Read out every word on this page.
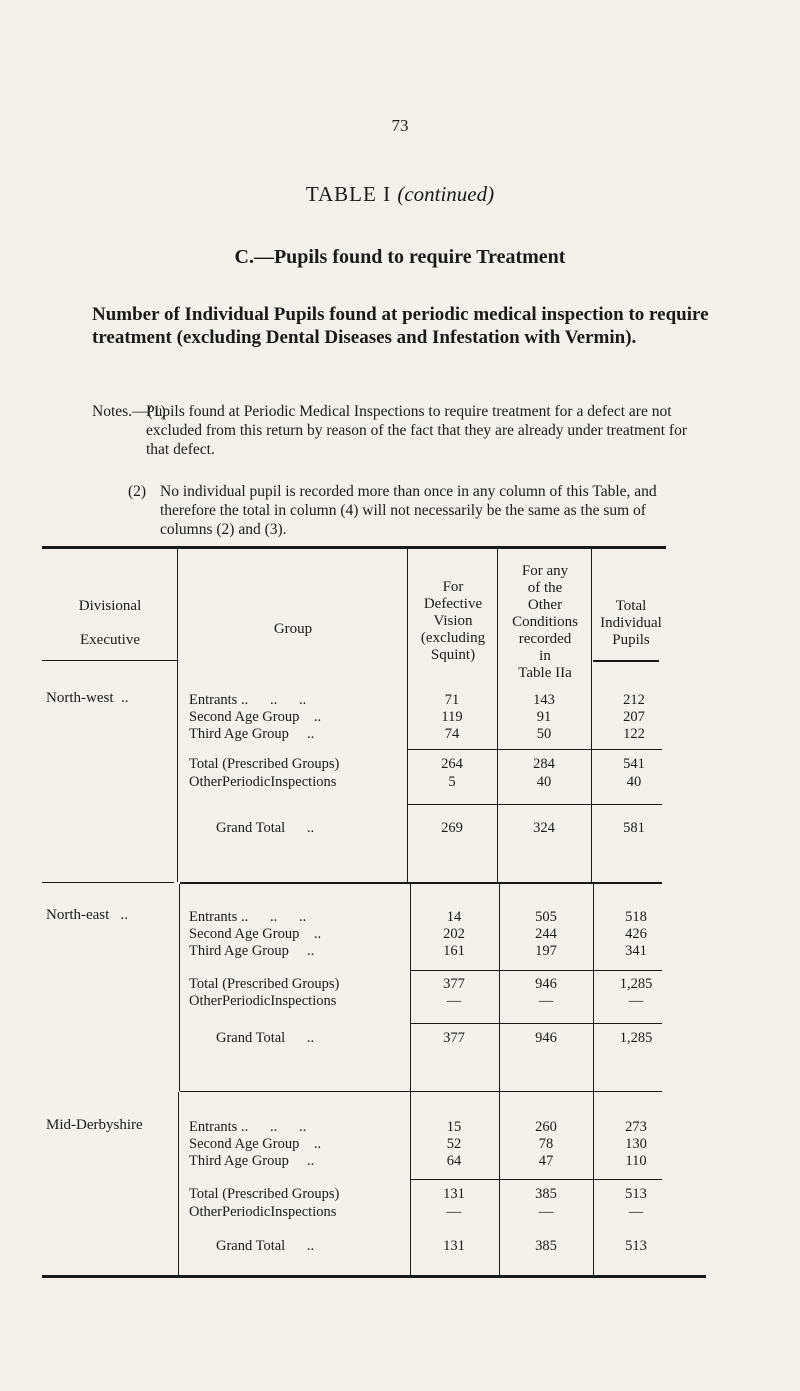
73
TABLE I (continued)
C.—Pupils found to require Treatment
Number of Individual Pupils found at periodic medical inspection to require treatment (excluding Dental Diseases and Infestation with Vermin).
Notes.—(1)
Pupils found at Periodic Medical Inspections to require treatment for a defect are not excluded from this return by reason of the fact that they are already under treatment for that defect.
(2) No individual pupil is recorded more than once in any column of this Table, and therefore the total in column (4) will not necessarily be the same as the sum of columns (2) and (3).
Divisional
Executive
Group
For
Defective
Vision
(excluding
Squint)
For any
of the
Other
Conditions
recorded
in
Table IIa
Total
Individual
Pupils
North-west  ..	Entrants ..      ..      ..	71	143	212
Second Age Group    ..	119	91	207
Third Age Group     ..	74	50	122
Total (Prescribed Groups)	264	284	541
OtherPeriodicInspections	5	40	40
Grand Total      ..	269	324	581
North-east   ..	Entrants ..      ..      ..	14	505	518
Second Age Group    ..	202	244	426
Third Age Group     ..	161	197	341
Total (Prescribed Groups)	377	946	1,285
OtherPeriodicInspections	—	—	—
Grand Total      ..	377	946	1,285
Mid-Derbyshire	Entrants ..      ..      ..	15	260	273
Second Age Group    ..	52	78	130
Third Age Group     ..	64	47	110
Total (Prescribed Groups)	131	385	513
OtherPeriodicInspections	—	—	—
Grand Total      ..	131	385	513
